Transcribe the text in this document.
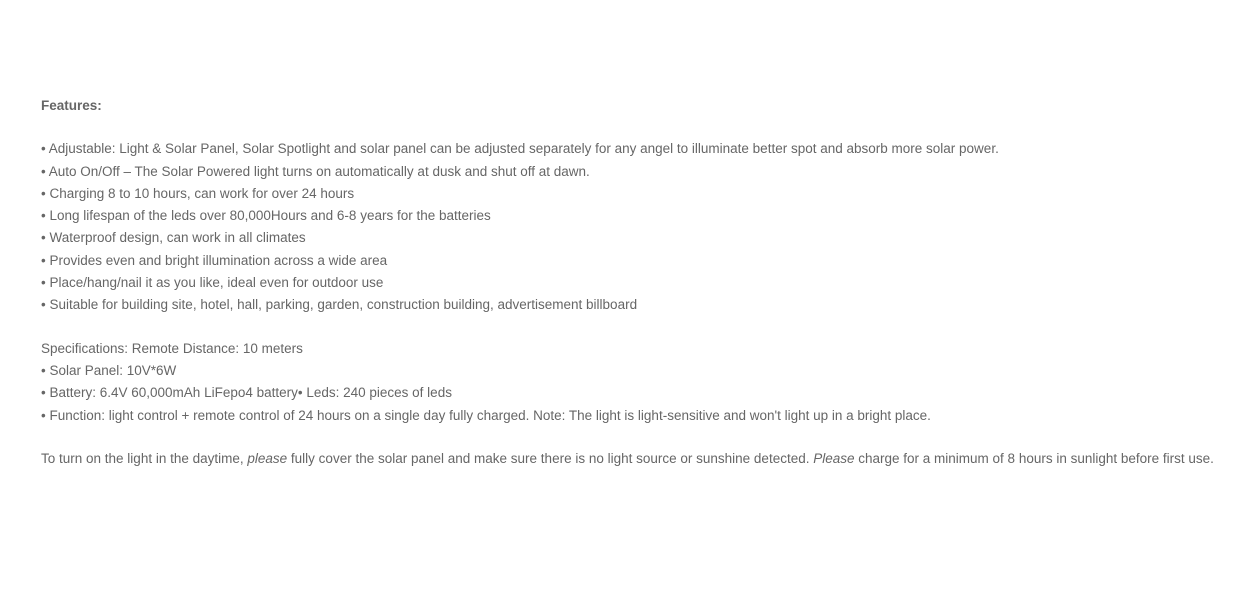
Features:

• Adjustable: Light & Solar Panel, Solar Spotlight and solar panel can be adjusted separately for any angel to illuminate better spot and absorb more solar power.

• Auto On/Off – The Solar Powered light turns on automatically at dusk and shut off at dawn.

• Charging 8 to 10 hours, can work for over 24 hours

• Long lifespan of the leds over 80,000Hours and 6-8 years for the batteries

• Waterproof design, can work in all climates

• Provides even and bright illumination across a wide area

• Place/hang/nail it as you like, ideal even for outdoor use

• Suitable for building site, hotel, hall, parking, garden, construction building, advertisement billboard

Specifications: Remote Distance: 10 meters

• Solar Panel: 10V*6W

• Battery: 6.4V 60,000mAh LiFepo4 battery• Leds: 240 pieces of leds

• Function: light control + remote control of 24 hours on a single day fully charged. Note: The light is light-sensitive and won't light up in a bright place.

To turn on the light in the daytime, please fully cover the solar panel and make sure there is no light source or sunshine detected. Please charge for a minimum of 8 hours in sunlight before first use.
